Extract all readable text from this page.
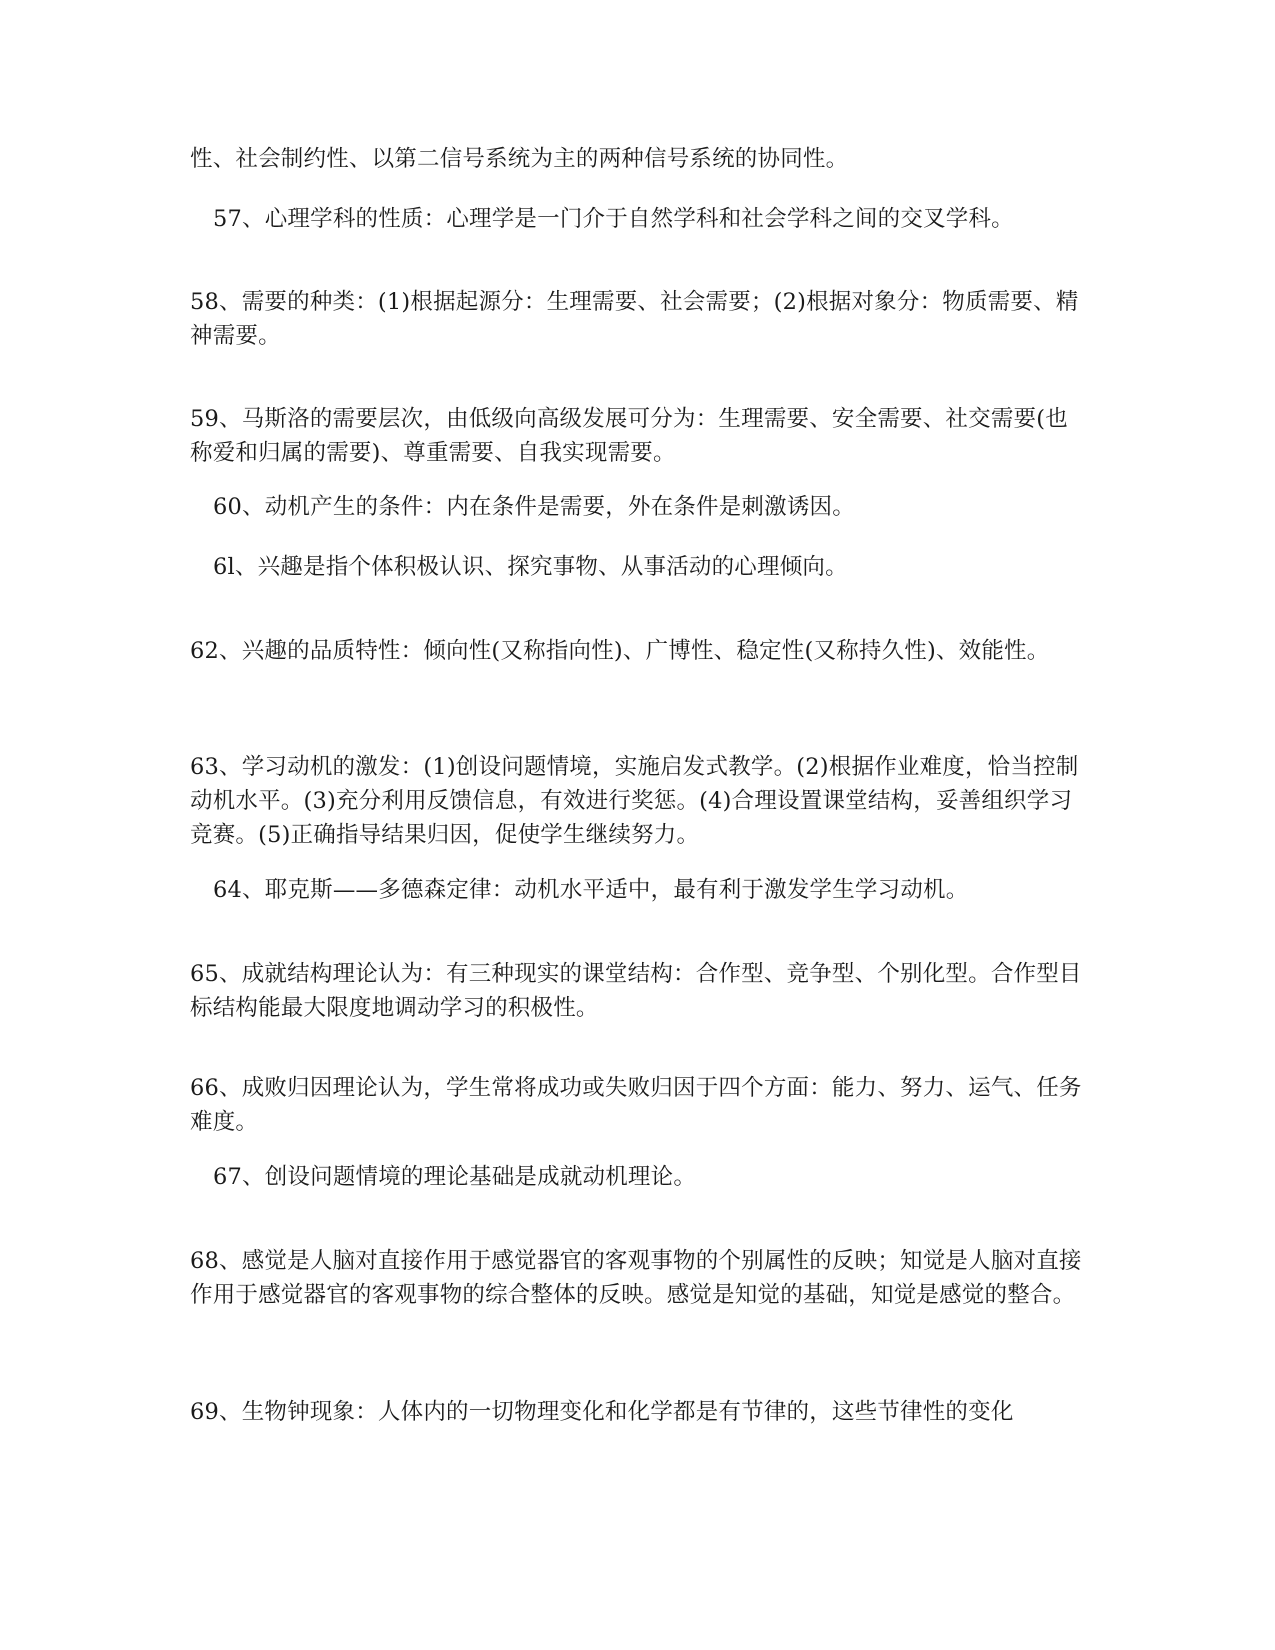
性、社会制约性、以第二信号系统为主的两种信号系统的协同性。

57、心理学科的性质：心理学是一门介于自然学科和社会学科之间的交叉学科。

58、需要的种类：(1)根据起源分：生理需要、社会需要；(2)根据对象分：物质需要、精神需要。

59、马斯洛的需要层次，由低级向高级发展可分为：生理需要、安全需要、社交需要(也称爱和归属的需要)、尊重需要、自我实现需要。

60、动机产生的条件：内在条件是需要，外在条件是刺激诱因。

6l、兴趣是指个体积极认识、探究事物、从事活动的心理倾向。

62、兴趣的品质特性：倾向性(又称指向性)、广博性、稳定性(又称持久性)、效能性。

63、学习动机的激发：(1)创设问题情境，实施启发式教学。(2)根据作业难度，恰当控制动机水平。(3)充分利用反馈信息，有效进行奖惩。(4)合理设置课堂结构，妥善组织学习竞赛。(5)正确指导结果归因，促使学生继续努力。

64、耶克斯——多德森定律：动机水平适中，最有利于激发学生学习动机。

65、成就结构理论认为：有三种现实的课堂结构：合作型、竞争型、个别化型。合作型目标结构能最大限度地调动学习的积极性。

66、成败归因理论认为，学生常将成功或失败归因于四个方面：能力、努力、运气、任务难度。

67、创设问题情境的理论基础是成就动机理论。

68、感觉是人脑对直接作用于感觉器官的客观事物的个别属性的反映；知觉是人脑对直接作用于感觉器官的客观事物的综合整体的反映。感觉是知觉的基础，知觉是感觉的整合。

69、生物钟现象：人体内的一切物理变化和化学都是有节律的，这些节律性的变化
